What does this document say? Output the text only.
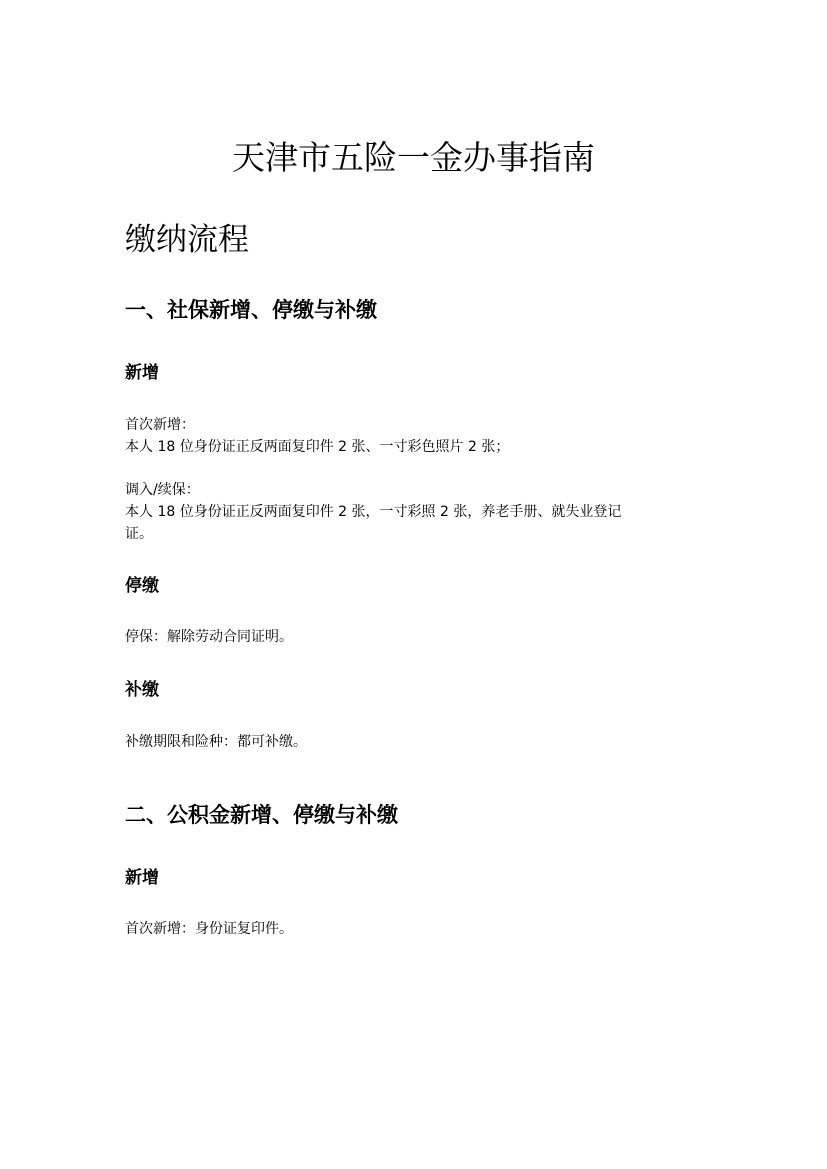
天津市五险一金办事指南
缴纳流程
一、社保新增、停缴与补缴
新增

首次新增：

本人 18 位身份证正反两面复印件 2 张、一寸彩色照片 2 张；

调入/续保：

本人 18 位身份证正反两面复印件 2 张，一寸彩照 2 张，养老手册、就失业登记

证。

停缴

停保：解除劳动合同证明。

补缴

补缴期限和险种：都可补缴。

二、公积金新增、停缴与补缴
新增

首次新增：身份证复印件。
